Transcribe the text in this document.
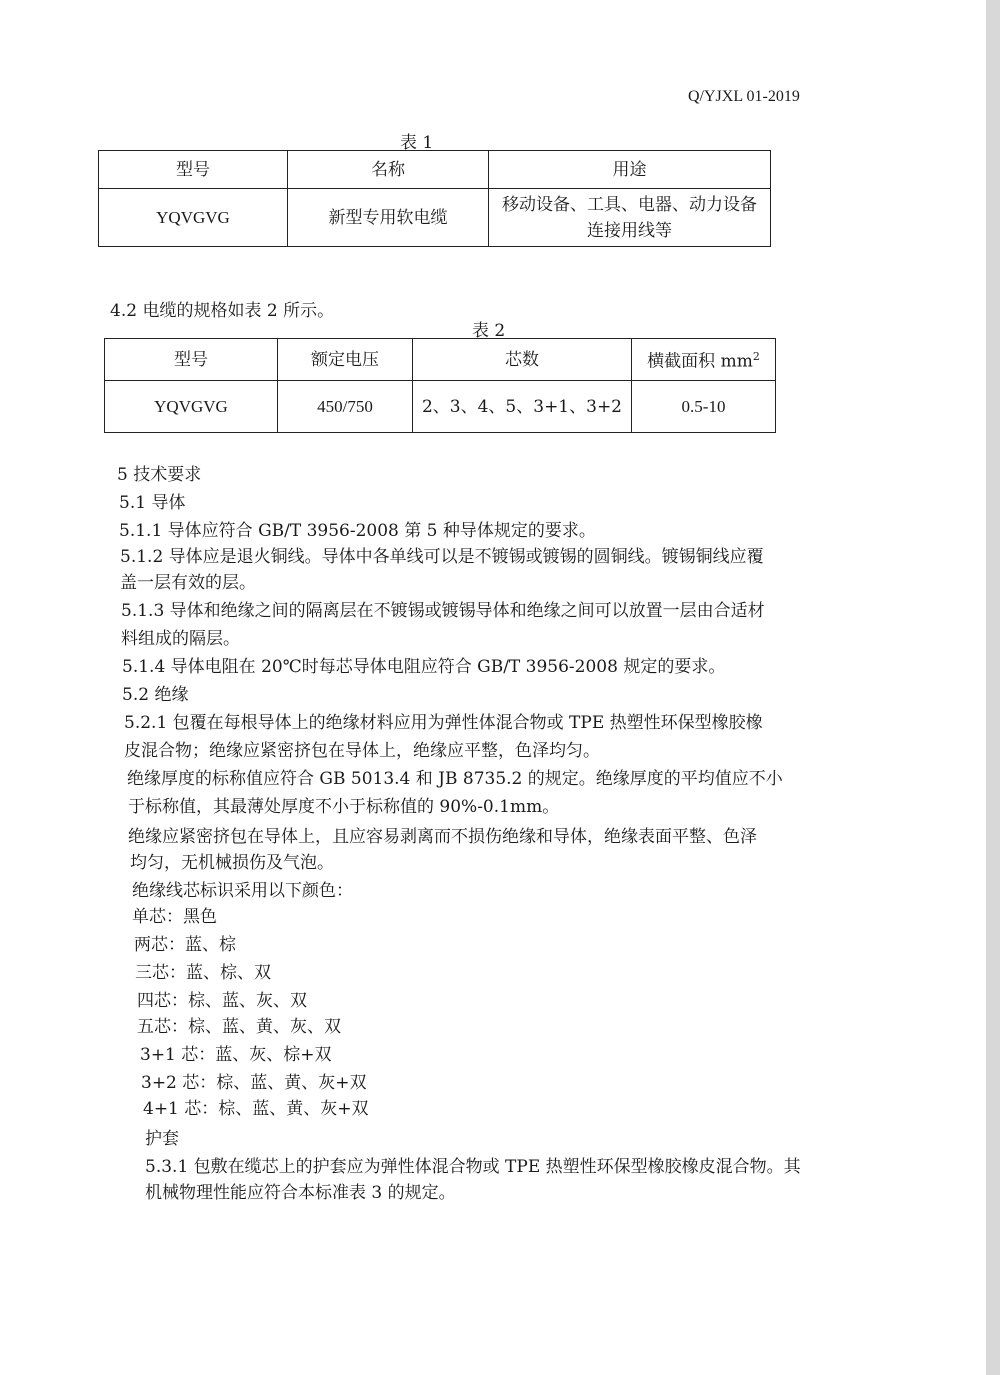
Q/YJXL 01-2019
表 1
型号	名称	用途
YQVGVG	新型专用软电缆	移动设备、工具、电器、动力设备
连接用线等
4.2 电缆的规格如表 2 所示。
表 2
型号	额定电压	芯数	横截面积 $mm^2$
YQVGVG	450/750	2、3、4、5、3+1、3+2	0.5-10
5 技术要求
5.1 导体
5.1.1 导体应符合 GB/T 3956-2008 第 5 种导体规定的要求。
5.1.2 导体应是退火铜线。导体中各单线可以是不镀锡或镀锡的圆铜线。镀锡铜线应覆
盖一层有效的层。
5.1.3 导体和绝缘之间的隔离层在不镀锡或镀锡导体和绝缘之间可以放置一层由合适材
料组成的隔层。
5.1.4 导体电阻在 20℃时每芯导体电阻应符合 GB/T 3956-2008 规定的要求。
5.2 绝缘
5.2.1 包覆在每根导体上的绝缘材料应用为弹性体混合物或 TPE 热塑性环保型橡胶橡
皮混合物；绝缘应紧密挤包在导体上，绝缘应平整，色泽均匀。
绝缘厚度的标称值应符合 GB 5013.4 和 JB 8735.2 的规定。绝缘厚度的平均值应不小
于标称值，其最薄处厚度不小于标称值的 90%-0.1mm。
绝缘应紧密挤包在导体上，且应容易剥离而不损伤绝缘和导体，绝缘表面平整、色泽
均匀，无机械损伤及气泡。
绝缘线芯标识采用以下颜色：
单芯：黑色
两芯：蓝、棕
三芯：蓝、棕、双
四芯：棕、蓝、灰、双
五芯：棕、蓝、黄、灰、双
3+1 芯：蓝、灰、棕+双
3+2 芯：棕、蓝、黄、灰+双
4+1 芯：棕、蓝、黄、灰+双
护套
5.3.1 包敷在缆芯上的护套应为弹性体混合物或 TPE 热塑性环保型橡胶橡皮混合物。其
机械物理性能应符合本标准表 3 的规定。
